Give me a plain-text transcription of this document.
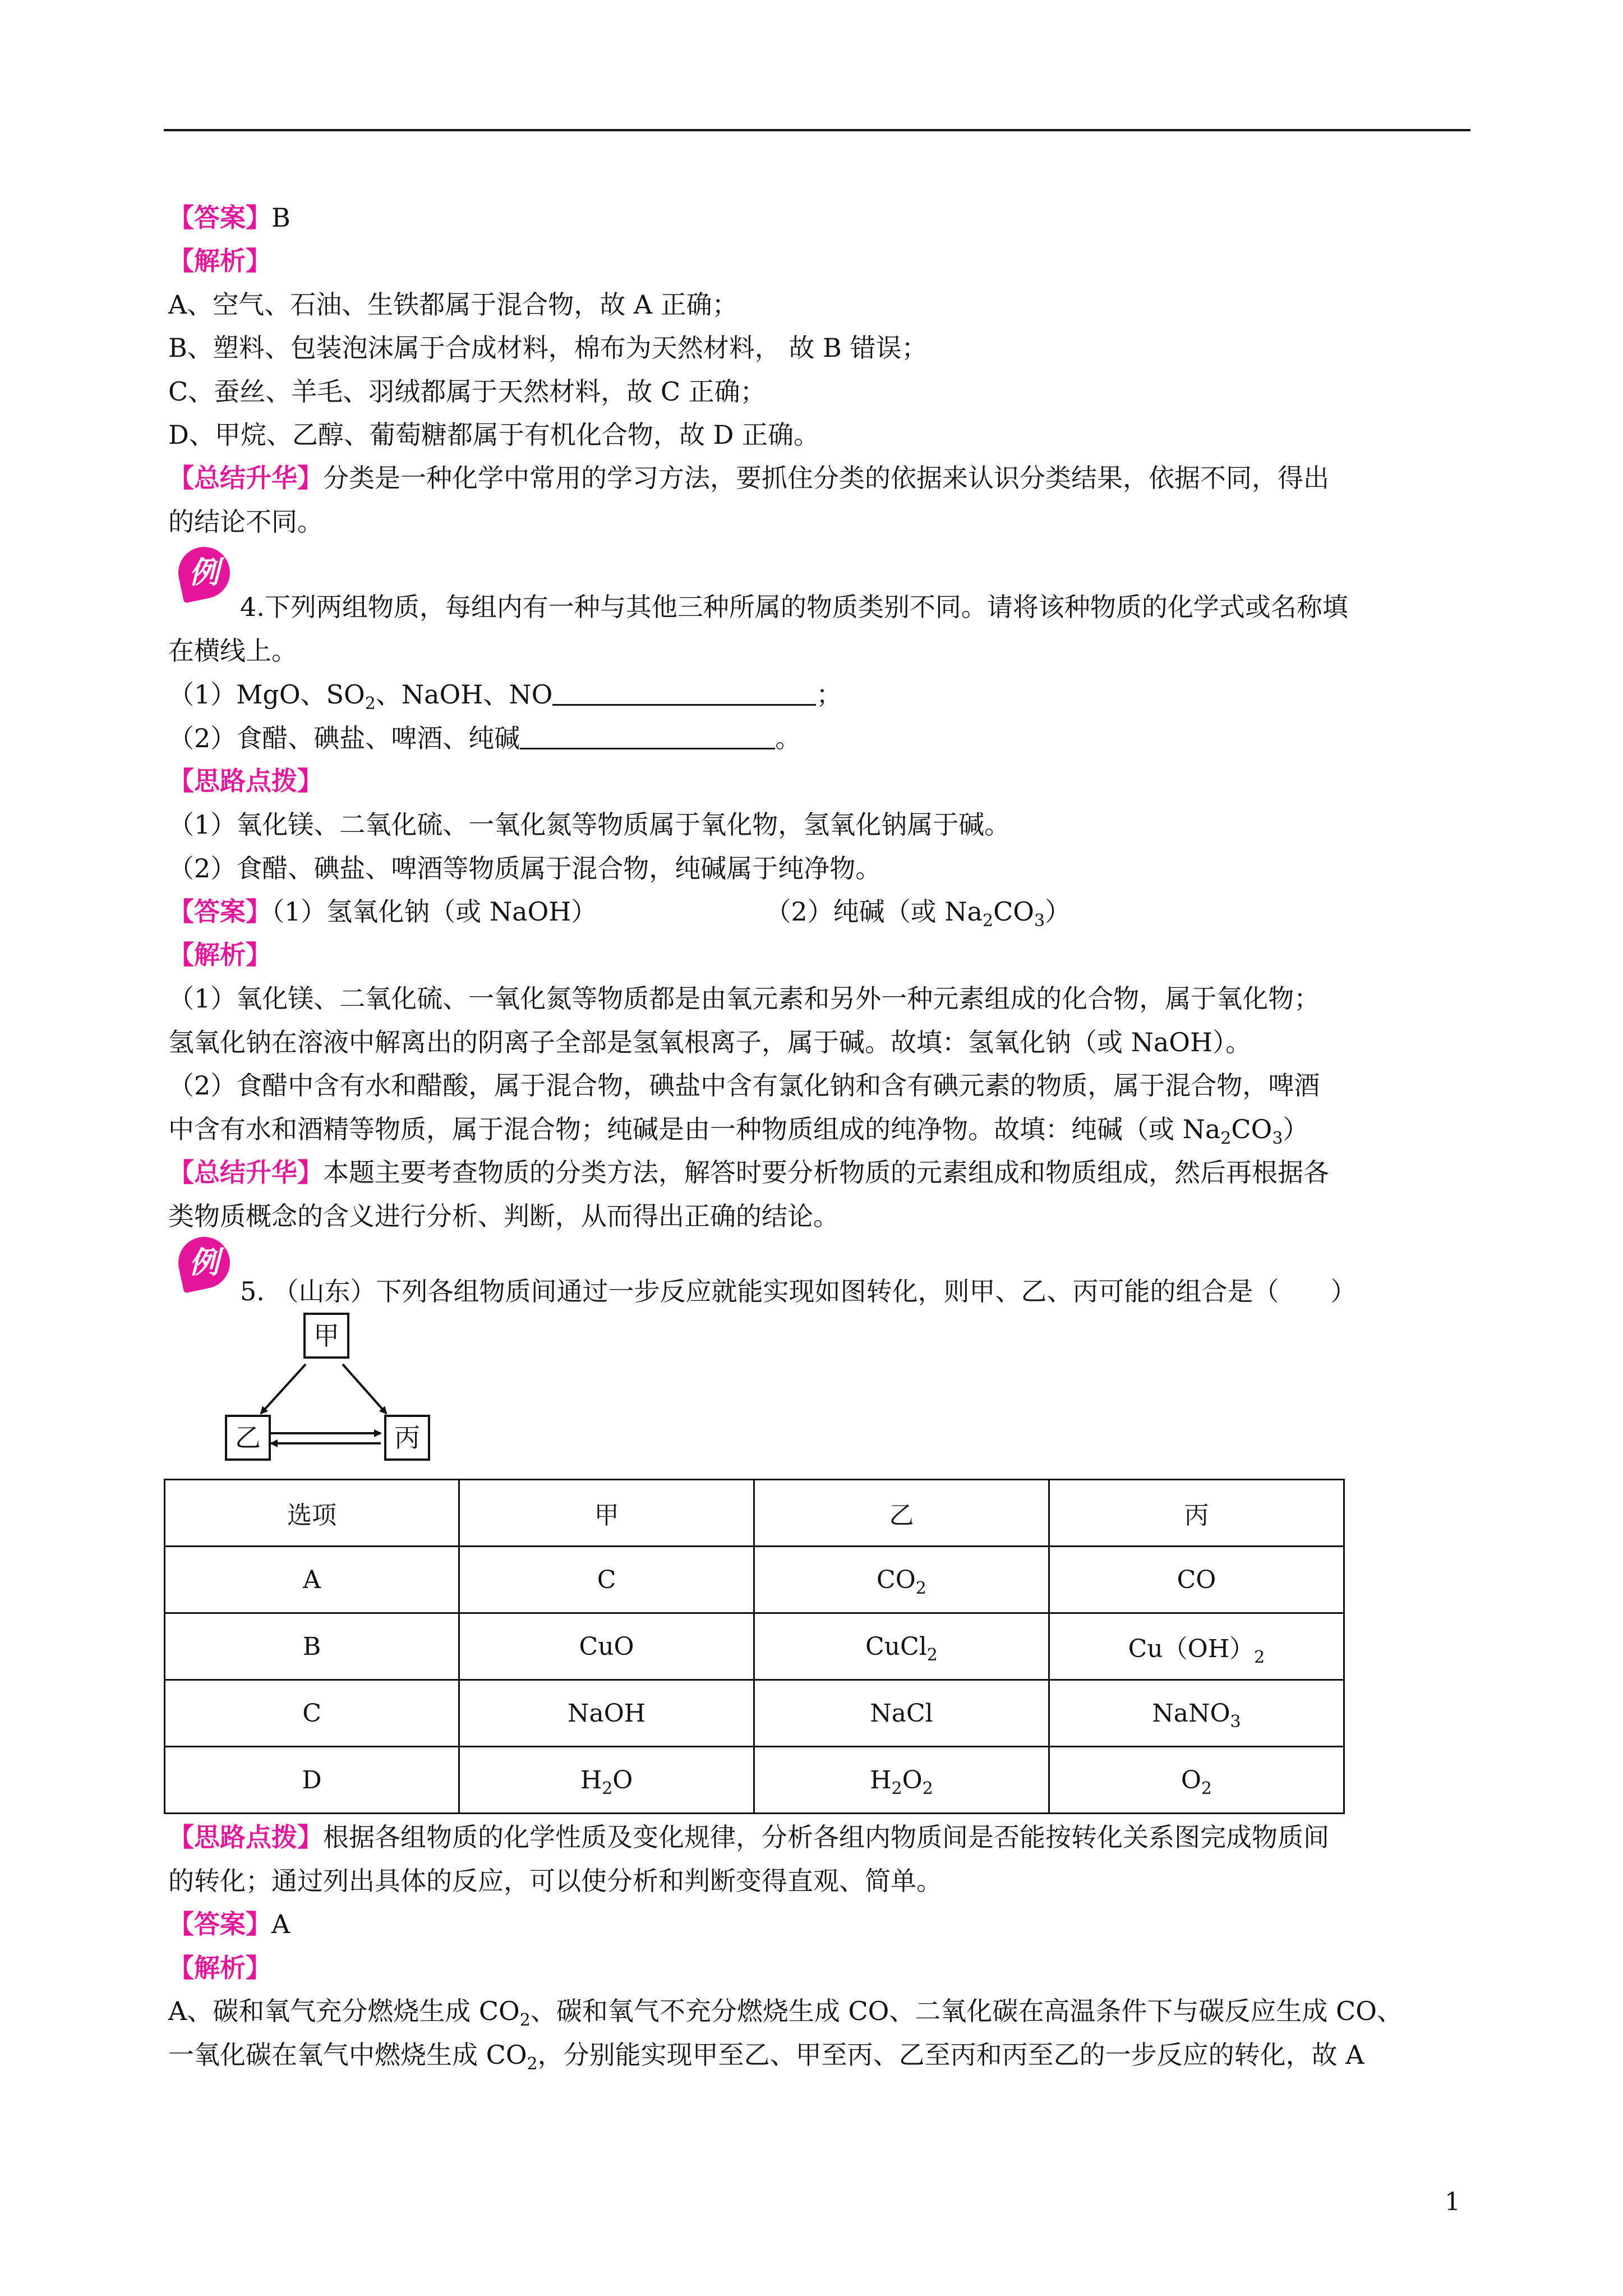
【答案】B
【解析】
A、空气、石油、生铁都属于混合物，故 A 正确；
B、塑料、包装泡沫属于合成材料，棉布为天然材料， 故 B 错误；
C、蚕丝、羊毛、羽绒都属于天然材料，故 C 正确；
D、甲烷、乙醇、葡萄糖都属于有机化合物，故 D 正确。
【总结升华】分类是一种化学中常用的学习方法，要抓住分类的依据来认识分类结果，依据不同，得出
的结论不同。
例
4.下列两组物质，每组内有一种与其他三种所属的物质类别不同。请将该种物质的化学式或名称填
在横线上。
（1）MgO、$SO_2$、NaOH、NO	；
（2）食醋、碘盐、啤酒、纯碱	。
【思路点拨】
（1）氧化镁、二氧化硫、一氧化氮等物质属于氧化物，氢氧化钠属于碱。
（2）食醋、碘盐、啤酒等物质属于混合物，纯碱属于纯净物。
【答案】（1）氢氧化钠（或 NaOH）	（2）纯碱（或 $Na_2CO_3$）
【解析】
（1）氧化镁、二氧化硫、一氧化氮等物质都是由氧元素和另外一种元素组成的化合物，属于氧化物；
氢氧化钠在溶液中解离出的阴离子全部是氢氧根离子，属于碱。故填：氢氧化钠（或 NaOH）。
（2）食醋中含有水和醋酸，属于混合物，碘盐中含有氯化钠和含有碘元素的物质，属于混合物，啤酒
中含有水和酒精等物质，属于混合物；纯碱是由一种物质组成的纯净物。故填：纯碱（或 $Na_2CO_3$）
【总结升华】本题主要考查物质的分类方法，解答时要分析物质的元素组成和物质组成，然后再根据各
类物质概念的含义进行分析、判断，从而得出正确的结论。
例
5. （山东）下列各组物质间通过一步反应就能实现如图转化，则甲、乙、丙可能的组合是（　　）
甲
乙	丙
选项	甲	乙	丙
A	C	$CO_2$	CO
B	CuO	CuCl$_2$	$Cu(OH)_2$
C	NaOH	NaCl	NaNO$_3$
D	$H_2O$	$H_2O_2$	$O_2$
【思路点拨】根据各组物质的化学性质及变化规律，分析各组内物质间是否能按转化关系图完成物质间
的转化；通过列出具体的反应，可以使分析和判断变得直观、简单。
【答案】A
【解析】
A、碳和氧气充分燃烧生成 $CO_2$、碳和氧气不充分燃烧生成 CO、二氧化碳在高温条件下与碳反应生成 CO、
一氧化碳在氧气中燃烧生成 $CO_2$，分别能实现甲至乙、甲至丙、乙至丙和丙至乙的一步反应的转化，故 A
1
